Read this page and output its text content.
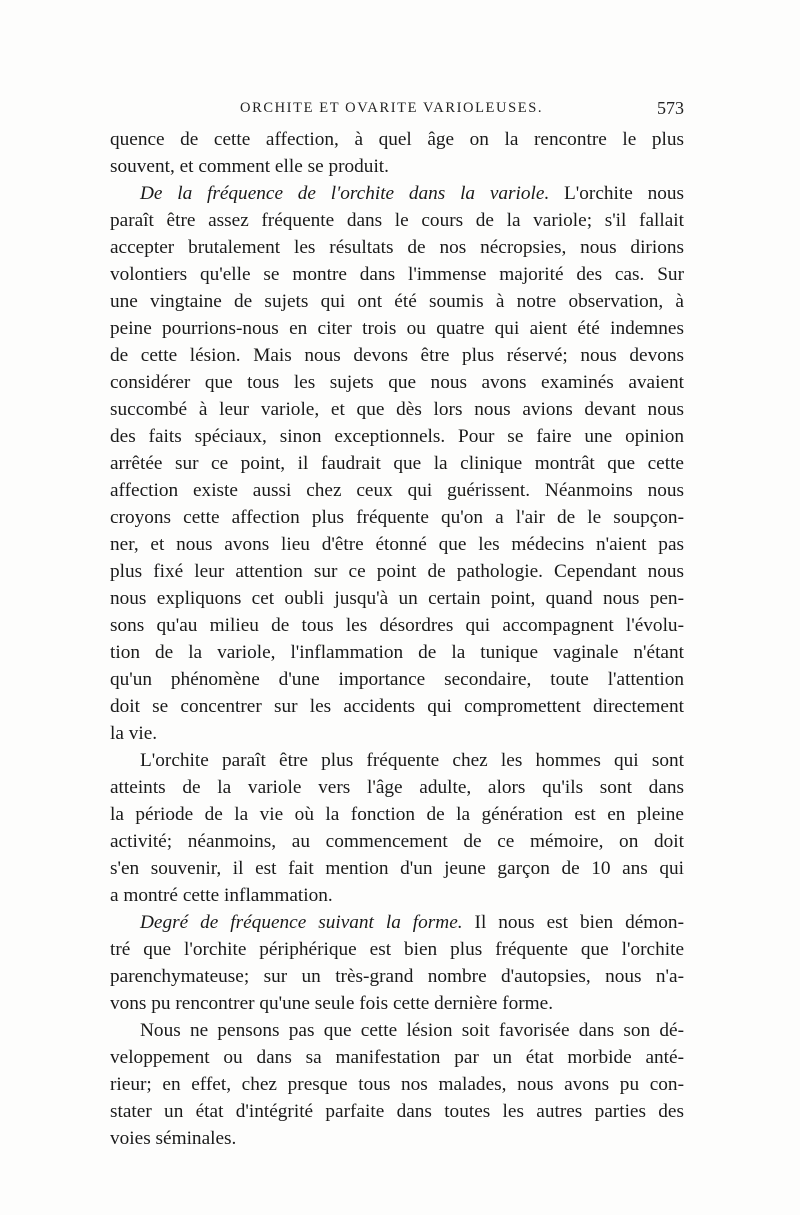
ORCHITE ET OVARITE VARIOLEUSES.	573
quence de cette affection, à quel âge on la rencontre le plus
souvent, et comment elle se produit.
De la fréquence de l'orchite dans la variole. L'orchite nous
paraît être assez fréquente dans le cours de la variole; s'il fallait
accepter brutalement les résultats de nos nécropsies, nous dirions
volontiers qu'elle se montre dans l'immense majorité des cas. Sur
une vingtaine de sujets qui ont été soumis à notre observation, à
peine pourrions-nous en citer trois ou quatre qui aient été indemnes
de cette lésion. Mais nous devons être plus réservé; nous devons
considérer que tous les sujets que nous avons examinés avaient
succombé à leur variole, et que dès lors nous avions devant nous
des faits spéciaux, sinon exceptionnels. Pour se faire une opinion
arrêtée sur ce point, il faudrait que la clinique montrât que cette
affection existe aussi chez ceux qui guérissent. Néanmoins nous
croyons cette affection plus fréquente qu'on a l'air de le soupçon-
ner, et nous avons lieu d'être étonné que les médecins n'aient pas
plus fixé leur attention sur ce point de pathologie. Cependant nous
nous expliquons cet oubli jusqu'à un certain point, quand nous pen-
sons qu'au milieu de tous les désordres qui accompagnent l'évolu-
tion de la variole, l'inflammation de la tunique vaginale n'étant
qu'un phénomène d'une importance secondaire, toute l'attention
doit se concentrer sur les accidents qui compromettent directement
la vie.
L'orchite paraît être plus fréquente chez les hommes qui sont
atteints de la variole vers l'âge adulte, alors qu'ils sont dans
la période de la vie où la fonction de la génération est en pleine
activité; néanmoins, au commencement de ce mémoire, on doit
s'en souvenir, il est fait mention d'un jeune garçon de 10 ans qui
a montré cette inflammation.
Degré de fréquence suivant la forme. Il nous est bien démon-
tré que l'orchite périphérique est bien plus fréquente que l'orchite
parenchymateuse; sur un très-grand nombre d'autopsies, nous n'a-
vons pu rencontrer qu'une seule fois cette dernière forme.
Nous ne pensons pas que cette lésion soit favorisée dans son dé-
veloppement ou dans sa manifestation par un état morbide anté-
rieur; en effet, chez presque tous nos malades, nous avons pu con-
stater un état d'intégrité parfaite dans toutes les autres parties des
voies séminales.
